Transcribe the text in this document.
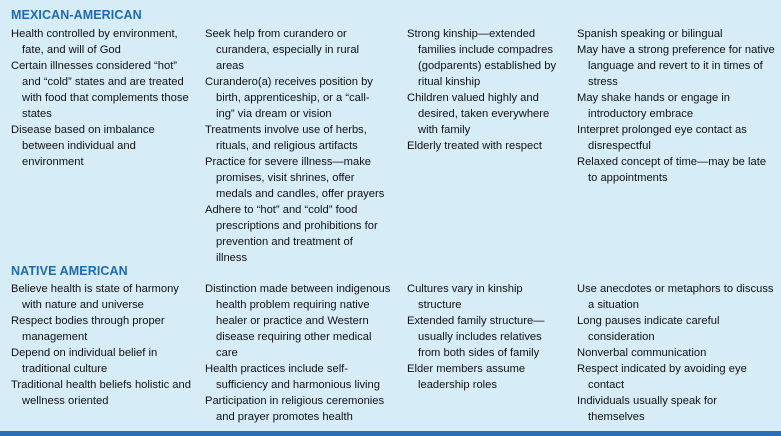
MEXICAN-AMERICAN

Health controlled by environment, fate, and will of God

Certain illnesses considered “hot” and “cold” states and are treated with food that complements those states

Disease based on imbalance between individual and environment

Seek help from curandero or curandera, especially in rural areas

Curandero(a) receives position by birth, apprenticeship, or a “call-ing” via dream or vision

Treatments involve use of herbs, rituals, and religious artifacts

Practice for severe illness—make promises, visit shrines, offer medals and candles, offer prayers

Adhere to “hot” and “cold” food prescriptions and prohibitions for prevention and treatment of illness

Strong kinship—extended families include compadres (godparents) established by ritual kinship

Children valued highly and desired, taken everywhere with family

Elderly treated with respect

Spanish speaking or bilingual

May have a strong preference for native language and revert to it in times of stress

May shake hands or engage in introductory embrace

Interpret prolonged eye contact as disrespectful

Relaxed concept of time—may be late to appointments

NATIVE AMERICAN

Believe health is state of harmony with nature and universe

Respect bodies through proper management

Depend on individual belief in traditional culture

Traditional health beliefs holistic and wellness oriented

Distinction made between indigenous health problem requiring native healer or practice and Western disease requiring other medical care

Health practices include self-sufficiency and harmonious living

Participation in religious ceremonies and prayer promotes health

Cultures vary in kinship structure

Extended family structure—usually includes relatives from both sides of family

Elder members assume leadership roles

Use anecdotes or metaphors to discuss a situation

Long pauses indicate careful consideration

Nonverbal communication

Respect indicated by avoiding eye contact

Individuals usually speak for themselves
